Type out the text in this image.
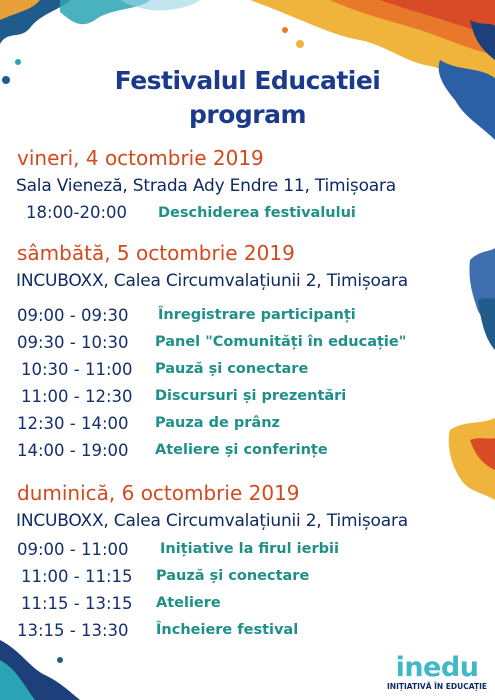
Festivalul Educatiei
program
vineri, 4 octombrie 2019
Sala Vieneză, Strada Ady Endre 11, Timișoara
18:00-20:00 Deschiderea festivalului
sâmbătă, 5 octombrie 2019
INCUBOXX, Calea Circumvalațiunii 2, Timișoara
09:00 - 09:30 Înregistrare participanți
09:30 - 10:30 Panel "Comunități în educație"
10:30 - 11:00 Pauză și conectare
11:00 - 12:30 Discursuri și prezentări
12:30 - 14:00 Pauza de prânz
14:00 - 19:00 Ateliere și conferințe
duminică, 6 octombrie 2019
INCUBOXX, Calea Circumvalațiunii 2, Timișoara
09:00 - 11:00 Inițiative la firul ierbii
11:00 - 11:15 Pauză și conectare
11:15 - 13:15 Ateliere
13:15 - 13:30 Încheiere festival
inedu
INIȚIATIVĂ ÎN EDUCAȚIE
